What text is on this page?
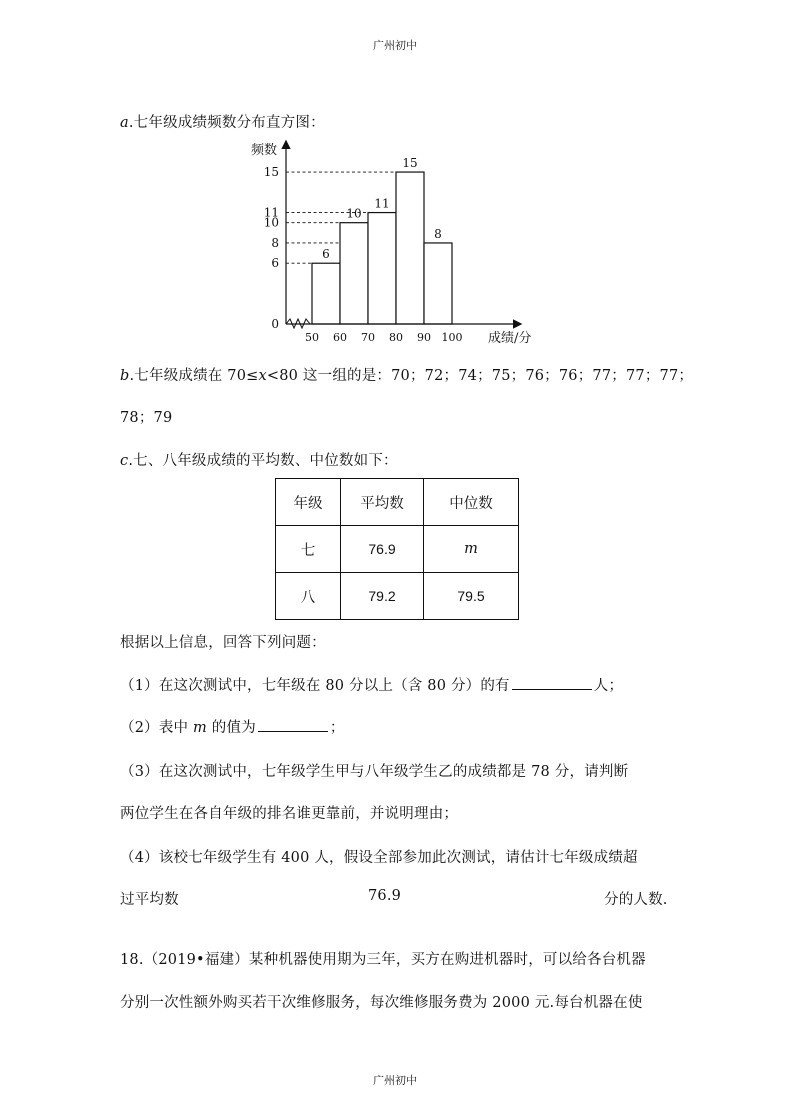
广州初中
a.七年级成绩频数分布直方图：
6
10
11
15
8
0
6
8
10
11
15
50 60 70 80 90 100
频数
成绩/分
b.七年级成绩在 70≤x<80 这一组的是：70；72；74；75；76；76；77；77；77；
78；79
c.七、八年级成绩的平均数、中位数如下：
年级	平均数	中位数
七	76.9	m
八	79.2	79.5
根据以上信息，回答下列问题：
（1）在这次测试中，七年级在 80 分以上（含 80 分）的有	人；
（2）表中 m 的值为	；
（3）在这次测试中，七年级学生甲与八年级学生乙的成绩都是 78 分，请判断
两位学生在各自年级的排名谁更靠前，并说明理由；
（4）该校七年级学生有 400 人，假设全部参加此次测试，请估计七年级成绩超
过平均数	76.9	分的人数.
18.（2019•福建）某种机器使用期为三年，买方在购进机器时，可以给各台机器
分别一次性额外购买若干次维修服务，每次维修服务费为 2000 元.每台机器在使
广州初中
